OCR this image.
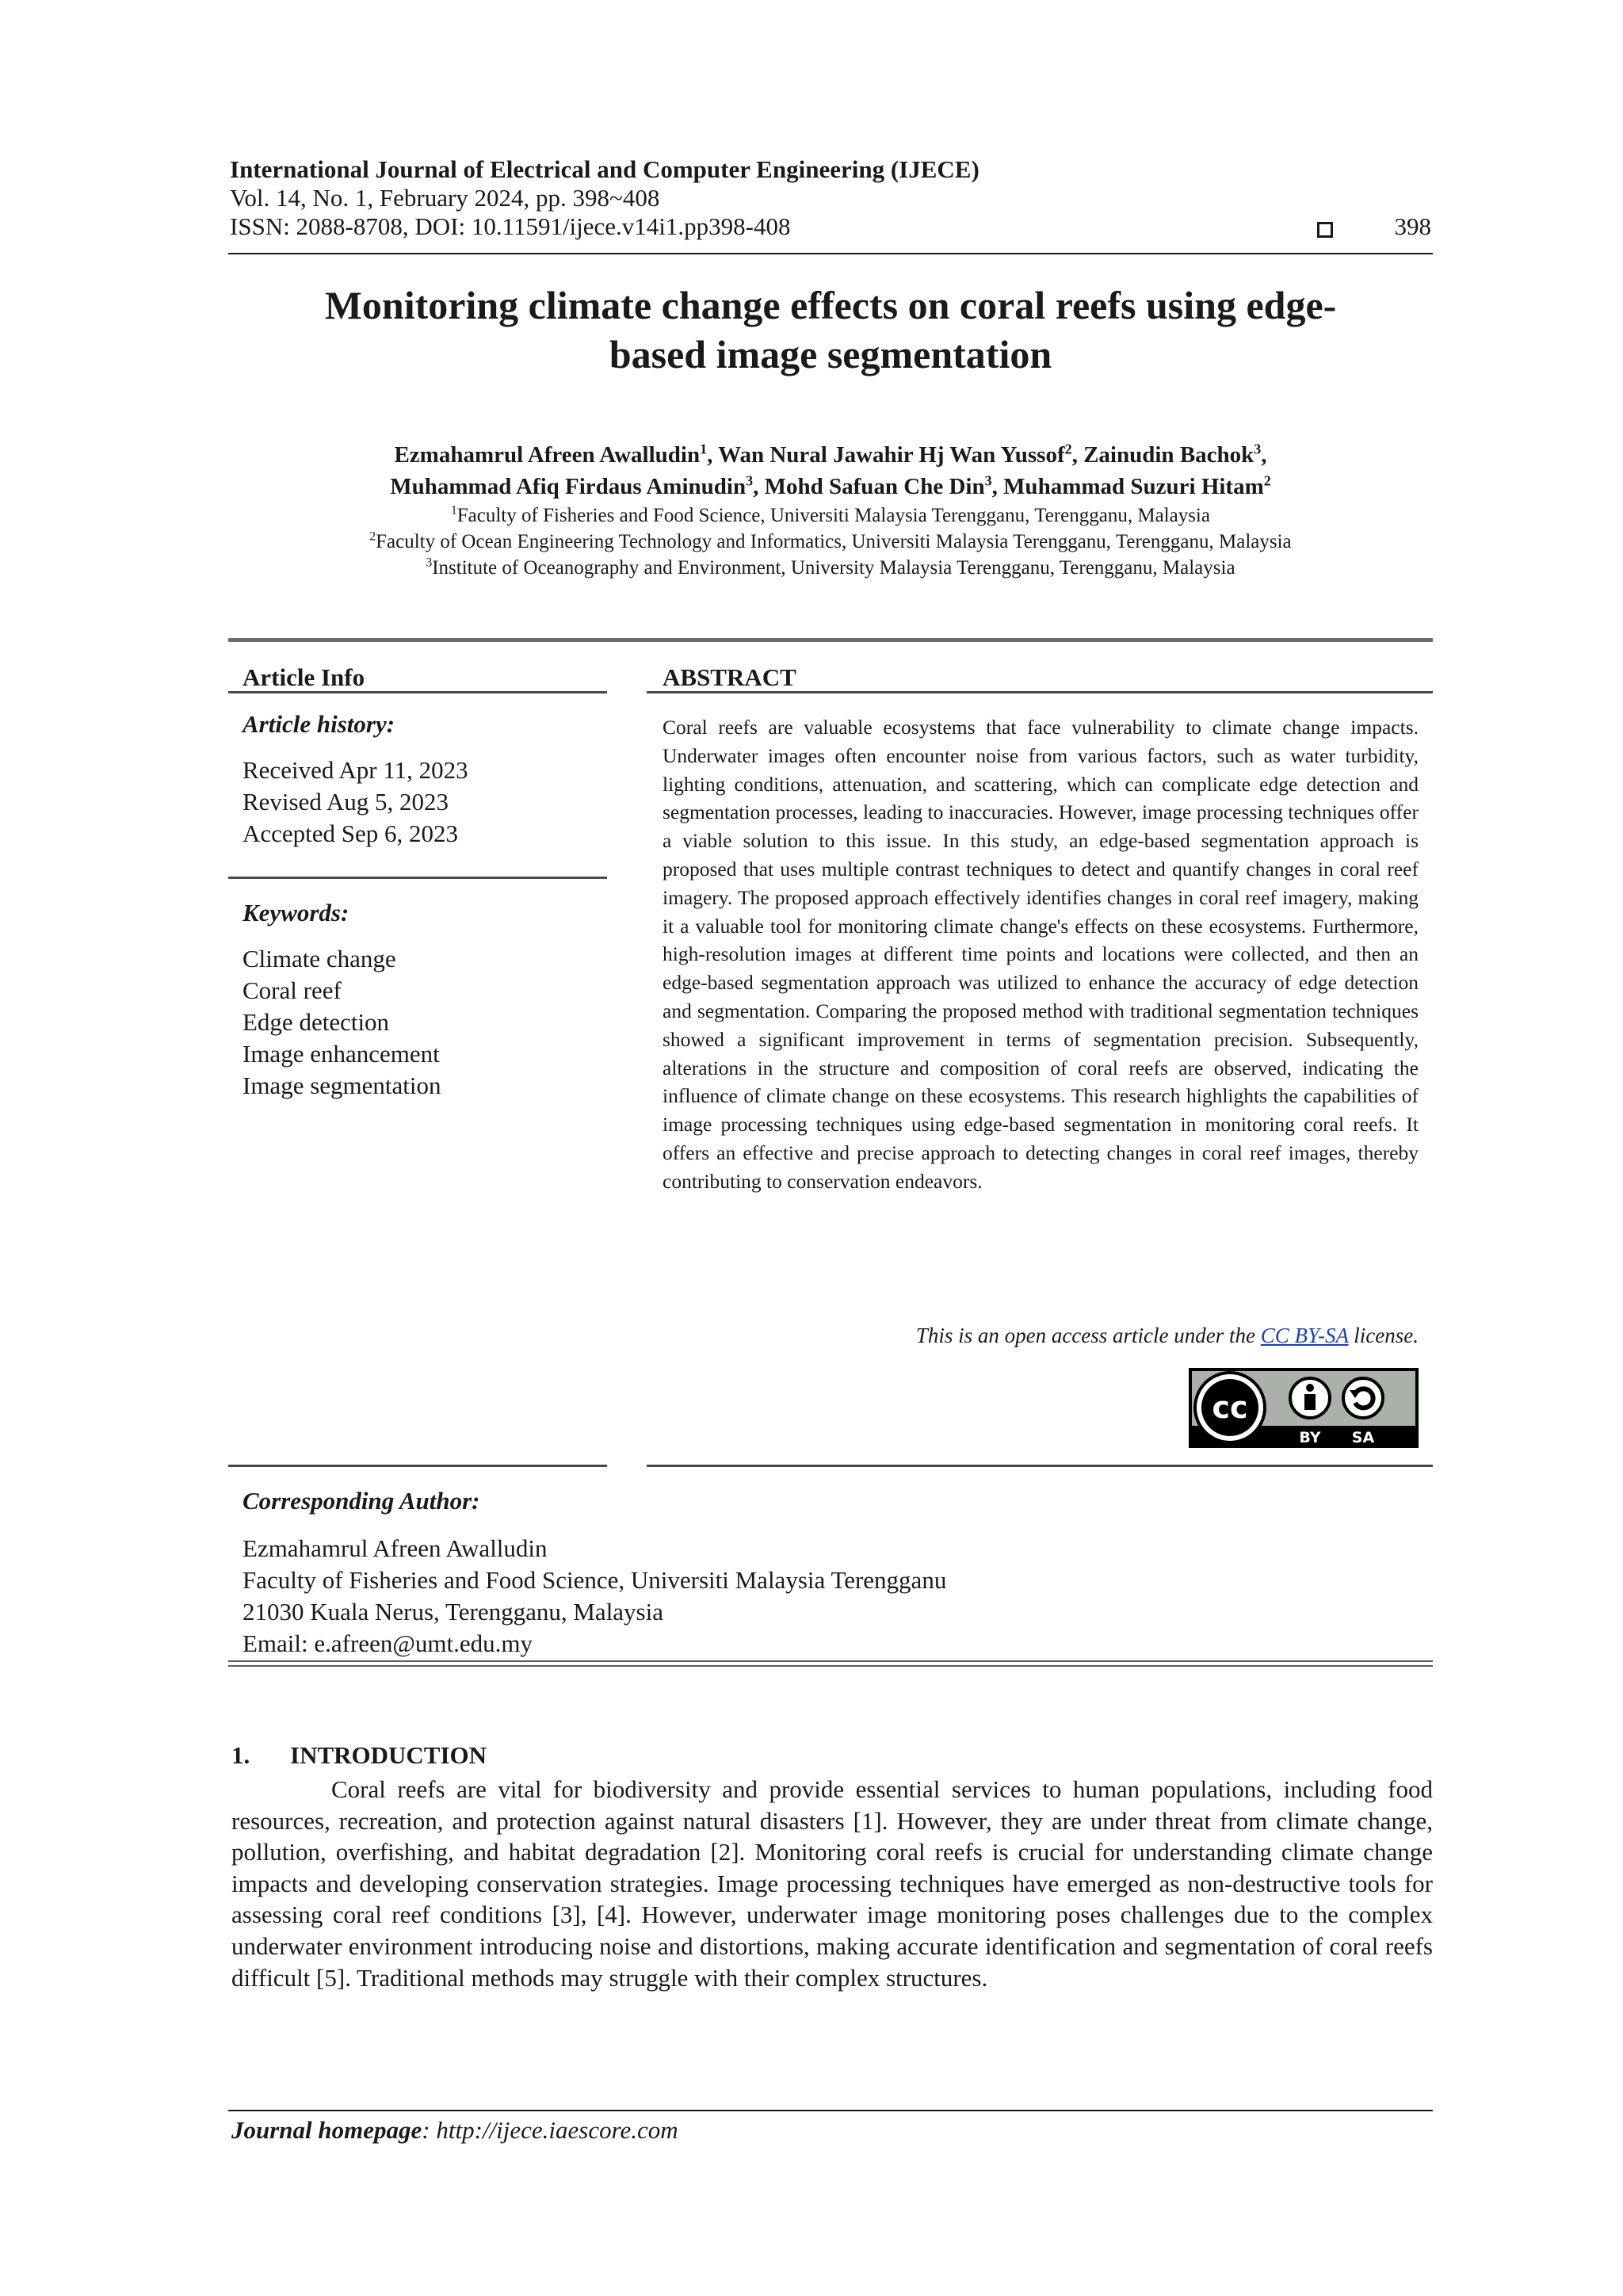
International Journal of Electrical and Computer Engineering (IJECE)
Vol. 14, No. 1, February 2024, pp. 398~408
ISSN: 2088-8708, DOI: 10.11591/ijece.v14i1.pp398-408	398
Monitoring climate change effects on coral reefs using edge-
based image segmentation
Ezmahamrul Afreen Awalludin$^1$, Wan Nural Jawahir Hj Wan Yussof$^2$, Zainudin Bachok$^3$,
Muhammad Afiq Firdaus Aminudin$^3$, Mohd Safuan Che Din$^3$, Muhammad Suzuri Hitam$^2$
$^1$Faculty of Fisheries and Food Science, Universiti Malaysia Terengganu, Terengganu, Malaysia
$^2$Faculty of Ocean Engineering Technology and Informatics, Universiti Malaysia Terengganu, Terengganu, Malaysia
$^3$Institute of Oceanography and Environment, University Malaysia Terengganu, Terengganu, Malaysia
Article Info	ABSTRACT
Article history:
Received Apr 11, 2023
Revised Aug 5, 2023
Accepted Sep 6, 2023
Keywords:
Climate change
Coral reef
Edge detection
Image enhancement
Image segmentation
Coral reefs are valuable ecosystems that face vulnerability to climate change impacts. Underwater images often encounter noise from various factors, such as water turbidity, lighting conditions, attenuation, and scattering, which can complicate edge detection and segmentation processes, leading to inaccuracies. However, image processing techniques offer a viable solution to this issue. In this study, an edge-based segmentation approach is proposed that uses multiple contrast techniques to detect and quantify changes in coral reef imagery. The proposed approach effectively identifies changes in coral reef imagery, making it a valuable tool for monitoring climate change's effects on these ecosystems. Furthermore, high-resolution images at different time points and locations were collected, and then an edge-based segmentation approach was utilized to enhance the accuracy of edge detection and segmentation. Comparing the proposed method with traditional segmentation techniques showed a significant improvement in terms of segmentation precision. Subsequently, alterations in the structure and composition of coral reefs are observed, indicating the influence of climate change on these ecosystems. This research highlights the capabilities of image processing techniques using edge-based segmentation in monitoring coral reefs. It offers an effective and precise approach to detecting changes in coral reef images, thereby contributing to conservation endeavors.
This is an open access article under the CC BY-SA license.
cc
BY SA
Corresponding Author:
Ezmahamrul Afreen Awalludin
Faculty of Fisheries and Food Science, Universiti Malaysia Terengganu
21030 Kuala Nerus, Terengganu, Malaysia
Email: e.afreen@umt.edu.my
1. INTRODUCTION
Coral reefs are vital for biodiversity and provide essential services to human populations, including food resources, recreation, and protection against natural disasters [1]. However, they are under threat from climate change, pollution, overfishing, and habitat degradation [2]. Monitoring coral reefs is crucial for understanding climate change impacts and developing conservation strategies. Image processing techniques have emerged as non-destructive tools for assessing coral reef conditions [3], [4]. However, underwater image monitoring poses challenges due to the complex underwater environment introducing noise and distortions, making accurate identification and segmentation of coral reefs difficult [5]. Traditional methods may struggle with their complex structures.
Journal homepage: http://ijece.iaescore.com
